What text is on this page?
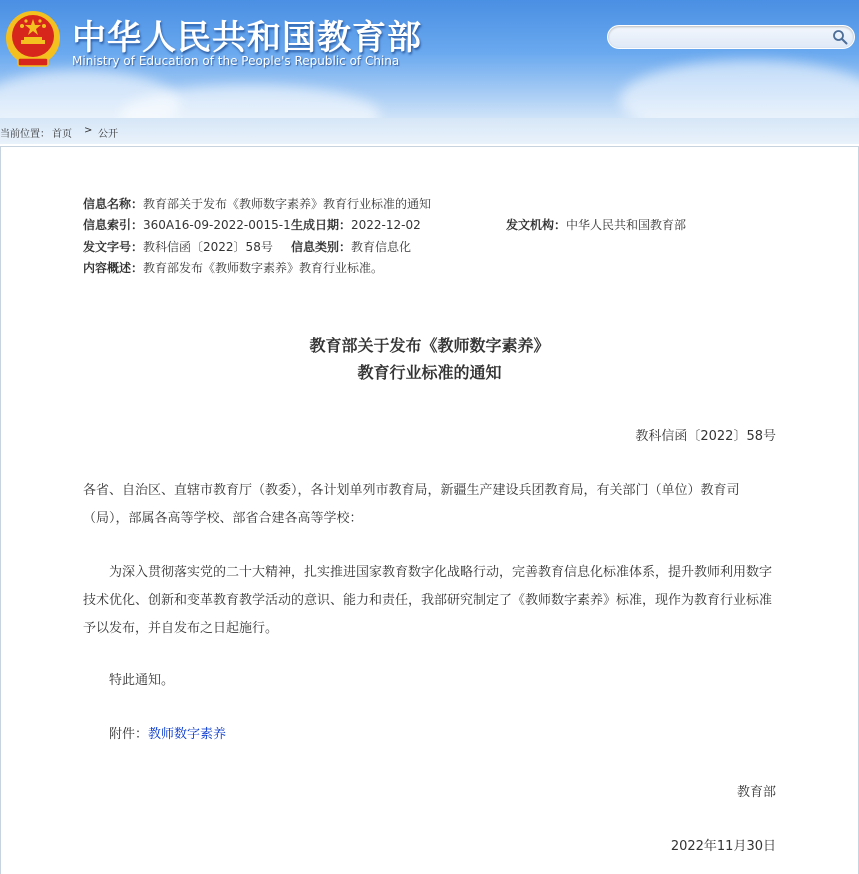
中华人民共和国教育部
Ministry of Education of the People's Republic of China
当前位置： 首页 > 公开
信息名称：教育部关于发布《教师数字素养》教育行业标准的通知
信息索引：360A16-09-2022-0015-1 生成日期：2022-12-02	发文机构：中华人民共和国教育部
发文字号：教科信函〔2022〕58号 信息类别：教育信息化
内容概述：教育部发布《教师数字素养》教育行业标准。
教育部关于发布《教师数字素养》
教育行业标准的通知
教科信函〔2022〕58号
各省、自治区、直辖市教育厅（教委），各计划单列市教育局，新疆生产建设兵团教育局，有关部门（单位）教育司（局），部属各高等学校、部省合建各高等学校：
为深入贯彻落实党的二十大精神，扎实推进国家教育数字化战略行动，完善教育信息化标准体系，提升教师利用数字技术优化、创新和变革教育教学活动的意识、能力和责任，我部研究制定了《教师数字素养》标准，现作为教育行业标准予以发布，并自发布之日起施行。
特此通知。
附件：教师数字素养
教育部
2022年11月30日
